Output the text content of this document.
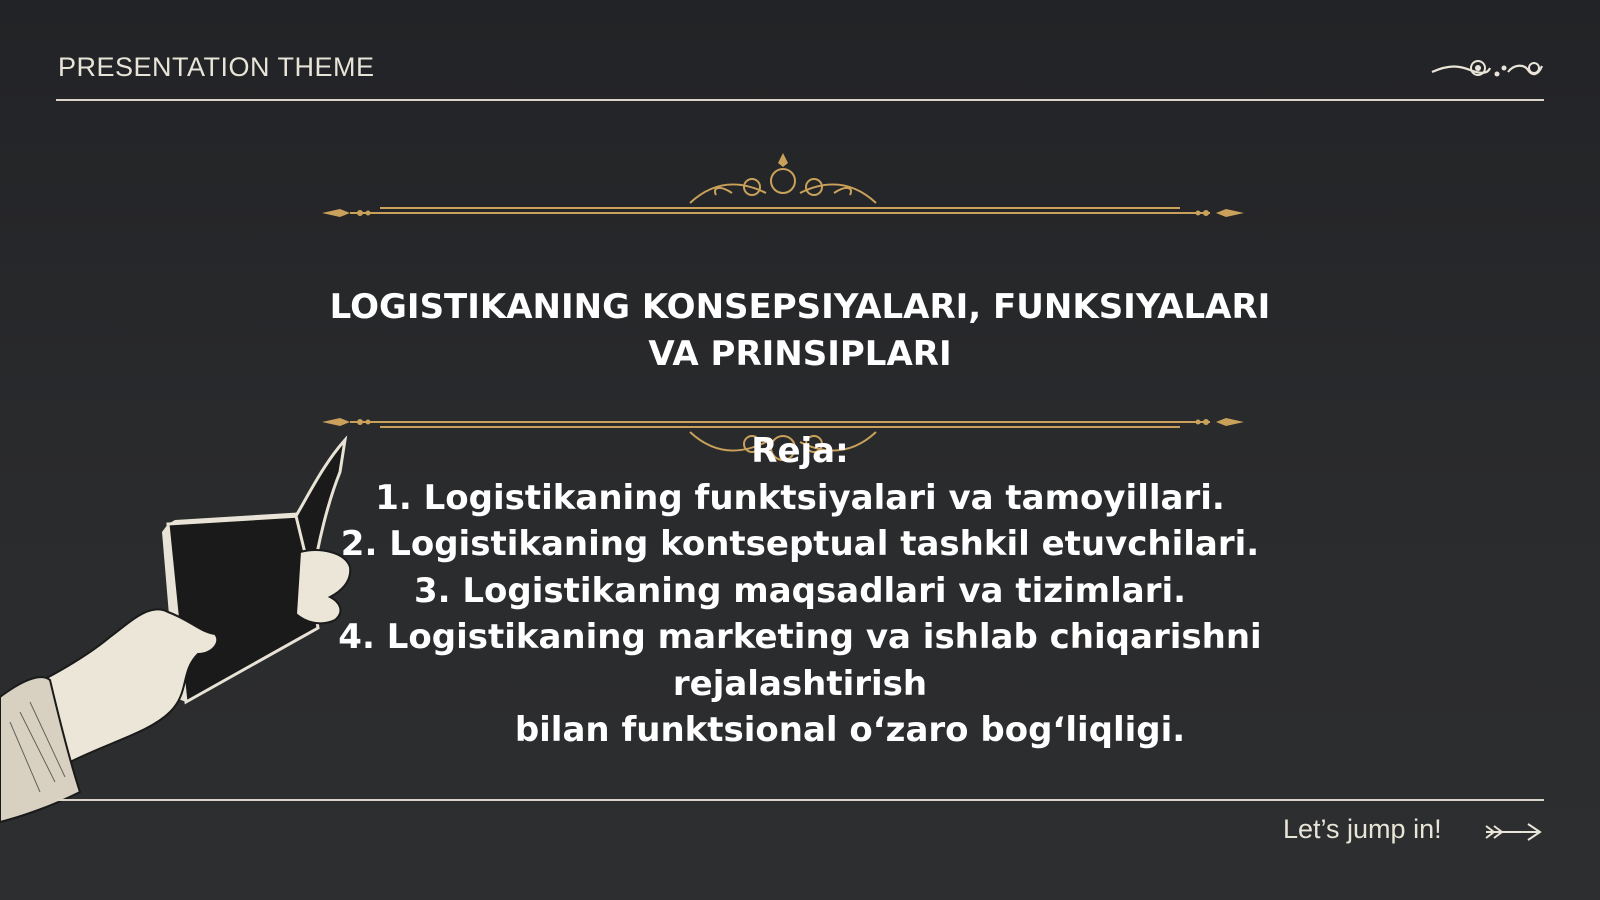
PRESENTATION THEME
LOGISTIKANING KONSEPSIYALARI, FUNKSIYALARI
VA PRINSIPLARI
Reja:
1. Logistikaning funktsiyalari va tamoyillari.
2. Logistikaning kontseptual tashkil etuvchilari.
3. Logistikaning maqsadlari va tizimlari.
4. Logistikaning marketing va ishlab chiqarishni
rejalashtirish
bilan funktsional o‘zaro bog‘liqligi.
Let’s jump in!
